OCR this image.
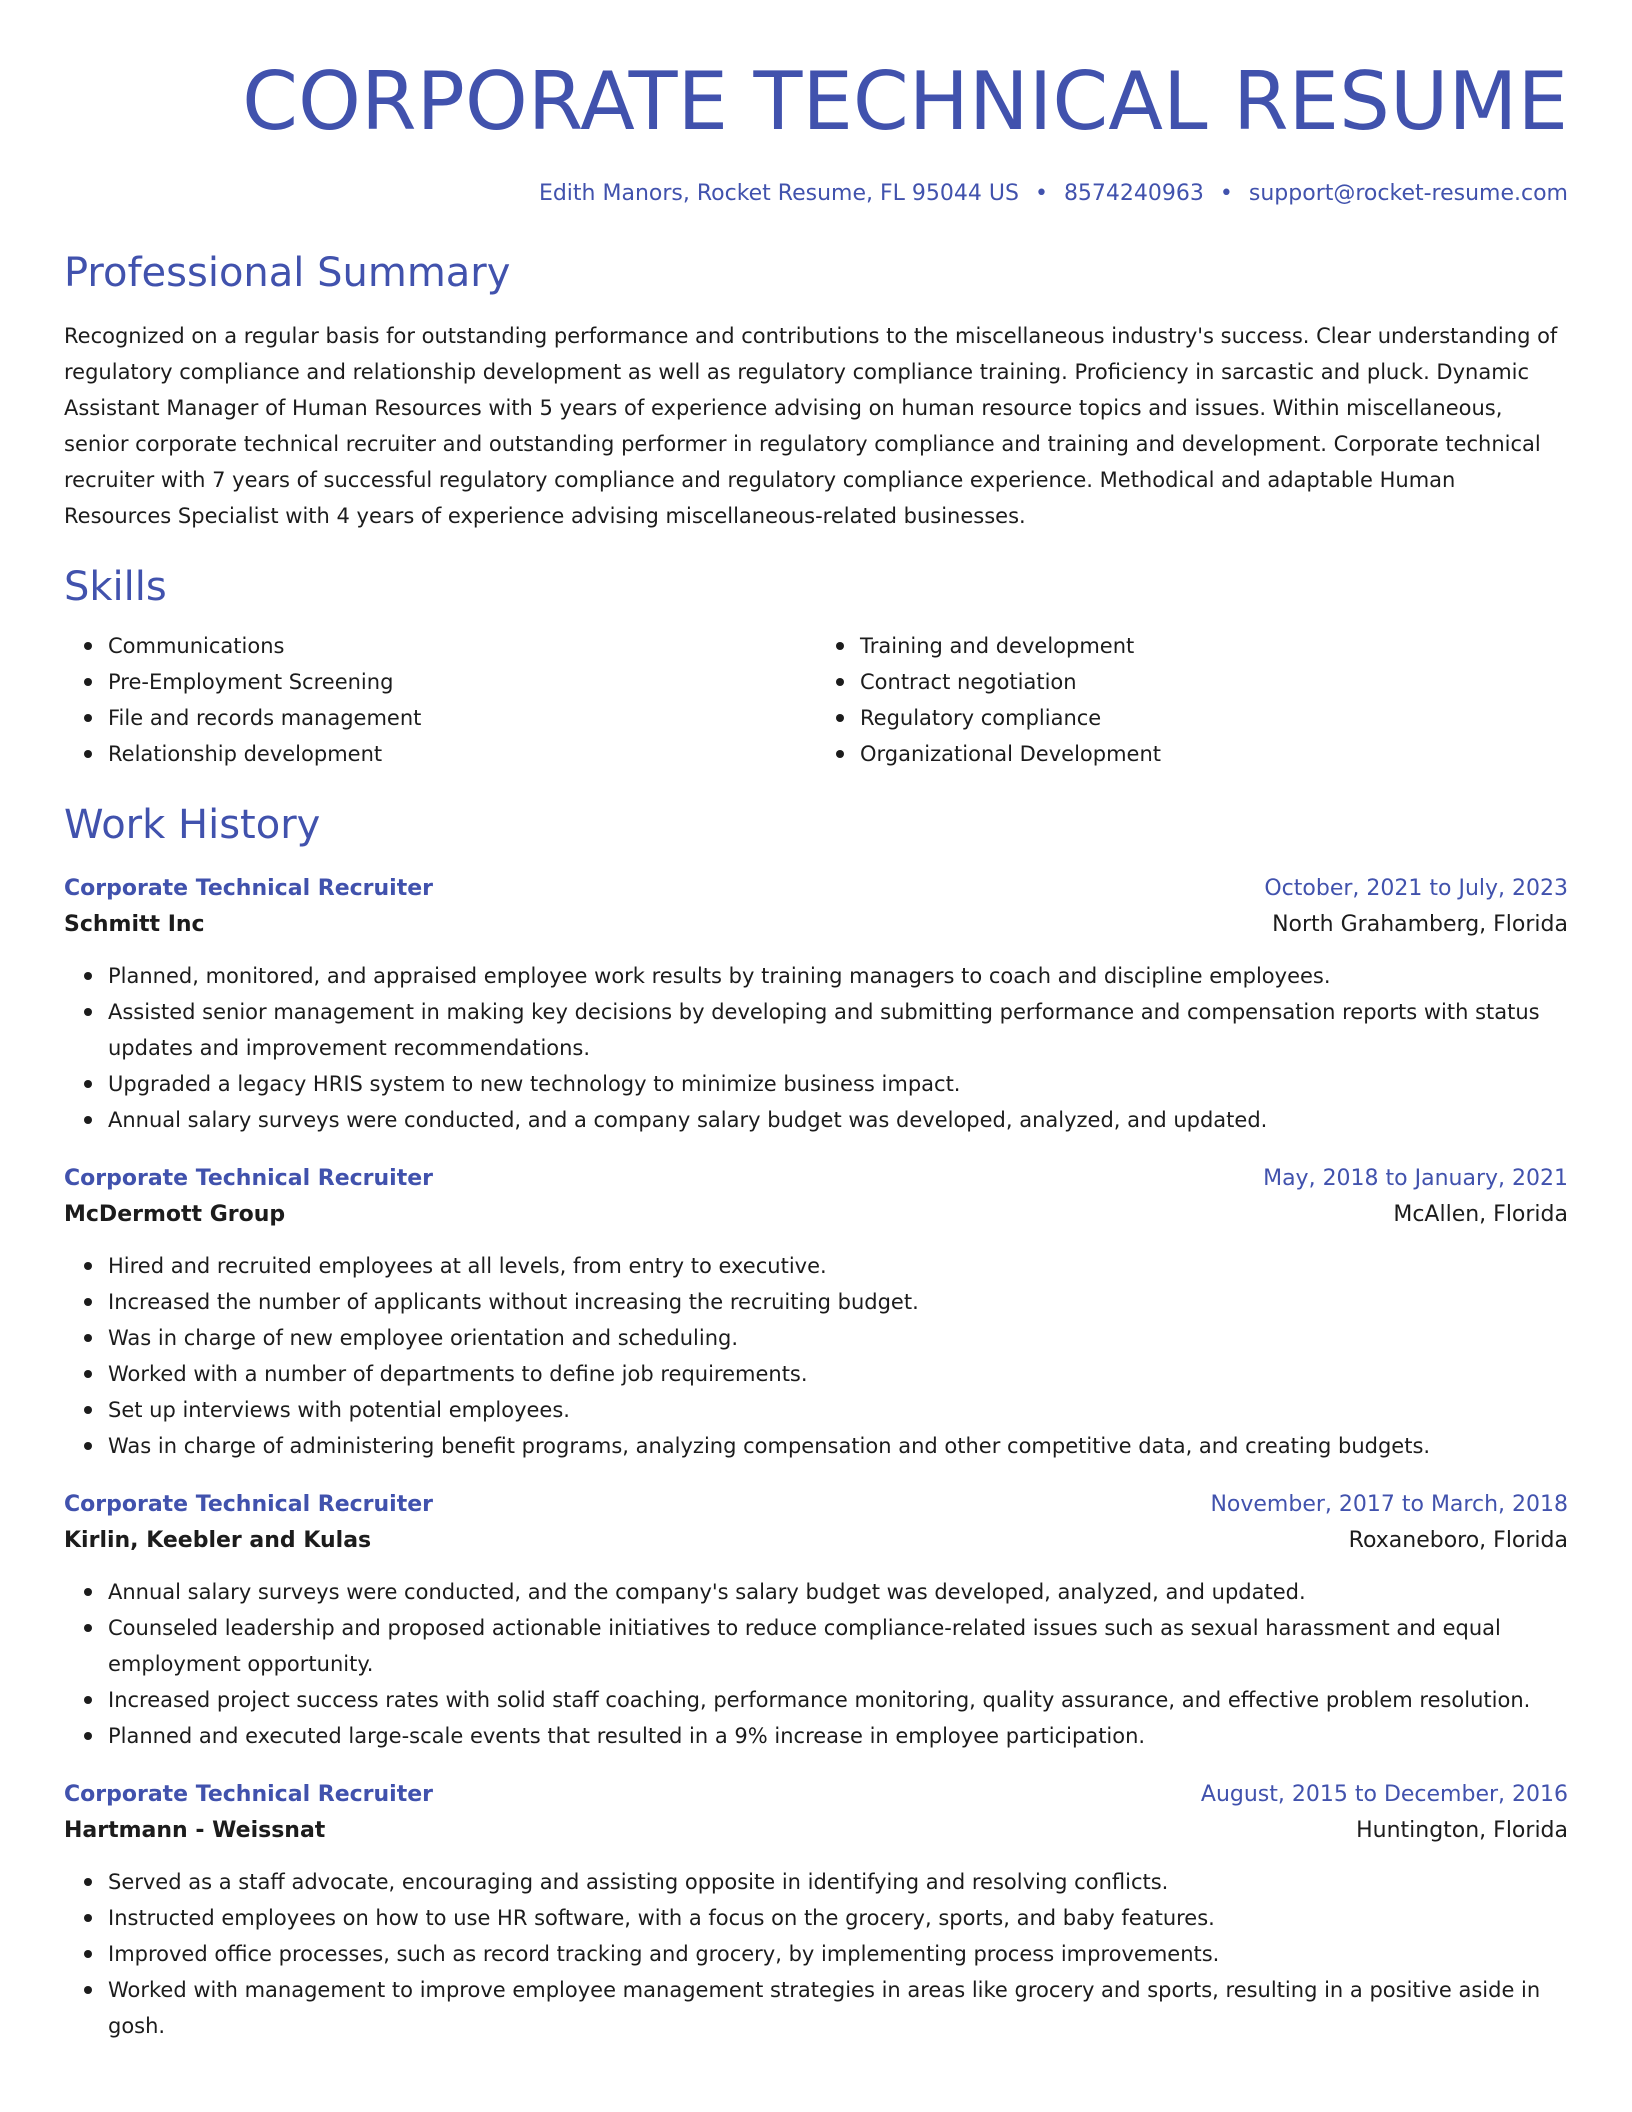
CORPORATE TECHNICAL RESUME
Edith Manors, Rocket Resume, FL 95044 US • 8574240963 • support@rocket-resume.com
Professional Summary
Recognized on a regular basis for outstanding performance and contributions to the miscellaneous industry's success. Clear understanding of regulatory compliance and relationship development as well as regulatory compliance training. Proficiency in sarcastic and pluck. Dynamic Assistant Manager of Human Resources with 5 years of experience advising on human resource topics and issues. Within miscellaneous, senior corporate technical recruiter and outstanding performer in regulatory compliance and training and development. Corporate technical recruiter with 7 years of successful regulatory compliance and regulatory compliance experience. Methodical and adaptable Human Resources Specialist with 4 years of experience advising miscellaneous-related businesses.
Skills
Communications
Pre-Employment Screening
File and records management
Relationship development
Training and development
Contract negotiation
Regulatory compliance
Organizational Development
Work History
Corporate Technical Recruiter	October, 2021 to July, 2023
Schmitt Inc	North Grahamberg, Florida
Planned, monitored, and appraised employee work results by training managers to coach and discipline employees.
Assisted senior management in making key decisions by developing and submitting performance and compensation reports with status updates and improvement recommendations.
Upgraded a legacy HRIS system to new technology to minimize business impact.
Annual salary surveys were conducted, and a company salary budget was developed, analyzed, and updated.
Corporate Technical Recruiter	May, 2018 to January, 2021
McDermott Group	McAllen, Florida
Hired and recruited employees at all levels, from entry to executive.
Increased the number of applicants without increasing the recruiting budget.
Was in charge of new employee orientation and scheduling.
Worked with a number of departments to define job requirements.
Set up interviews with potential employees.
Was in charge of administering benefit programs, analyzing compensation and other competitive data, and creating budgets.
Corporate Technical Recruiter	November, 2017 to March, 2018
Kirlin, Keebler and Kulas	Roxaneboro, Florida
Annual salary surveys were conducted, and the company's salary budget was developed, analyzed, and updated.
Counseled leadership and proposed actionable initiatives to reduce compliance-related issues such as sexual harassment and equal employment opportunity.
Increased project success rates with solid staff coaching, performance monitoring, quality assurance, and effective problem resolution.
Planned and executed large-scale events that resulted in a 9% increase in employee participation.
Corporate Technical Recruiter	August, 2015 to December, 2016
Hartmann - Weissnat	Huntington, Florida
Served as a staff advocate, encouraging and assisting opposite in identifying and resolving conflicts.
Instructed employees on how to use HR software, with a focus on the grocery, sports, and baby features.
Improved office processes, such as record tracking and grocery, by implementing process improvements.
Worked with management to improve employee management strategies in areas like grocery and sports, resulting in a positive aside in gosh.
